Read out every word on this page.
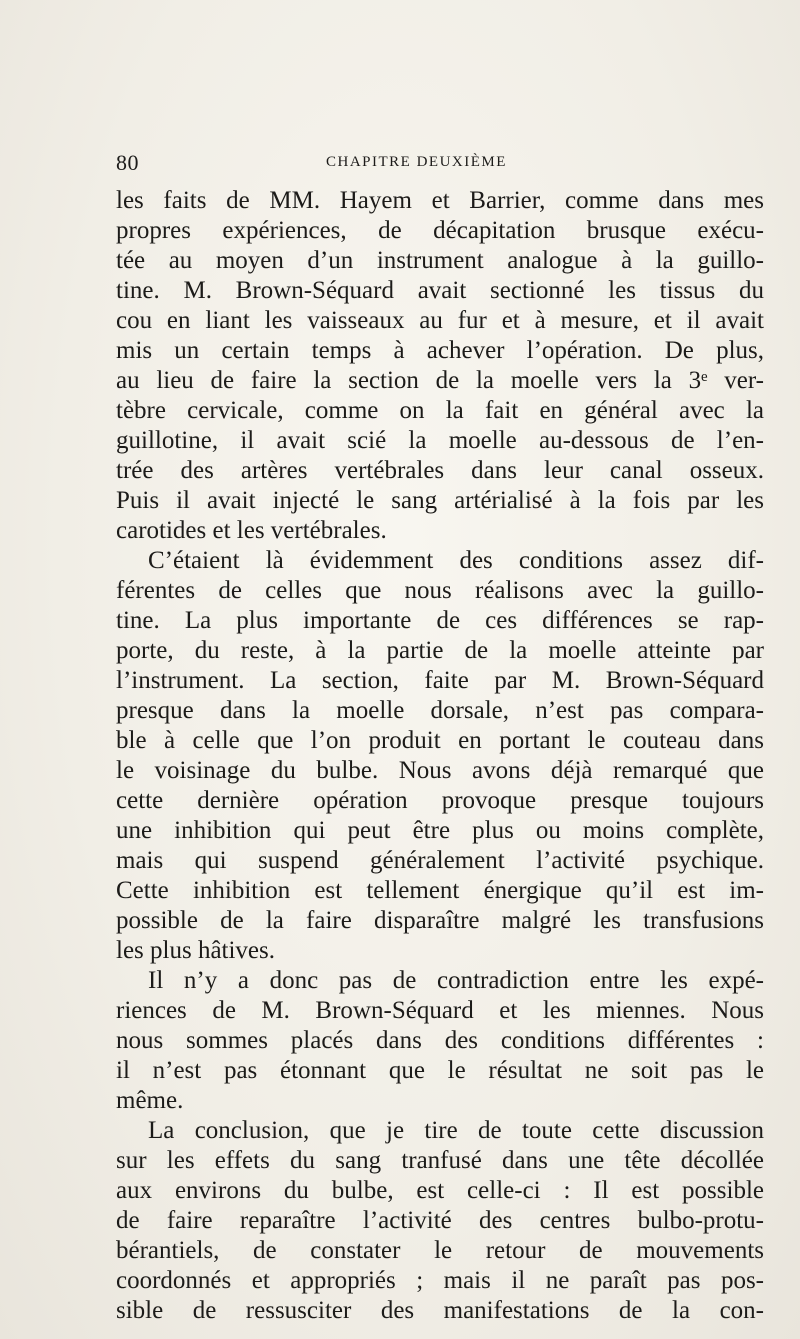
80	CHAPITRE DEUXIÈME
les faits de MM. Hayem et Barrier, comme dans mes
propres expériences, de décapitation brusque exécu-
tée au moyen d’un instrument analogue à la guillo-
tine. M. Brown-Séquard avait sectionné les tissus du
cou en liant les vaisseaux au fur et à mesure, et il avait
mis un certain temps à achever l’opération. De plus,
au lieu de faire la section de la moelle vers la 3ᵉ ver-
tèbre cervicale, comme on la fait en général avec la
guillotine, il avait scié la moelle au-dessous de l’en-
trée des artères vertébrales dans leur canal osseux.
Puis il avait injecté le sang artérialisé à la fois par les
carotides et les vertébrales.
C’étaient là évidemment des conditions assez dif-
férentes de celles que nous réalisons avec la guillo-
tine. La plus importante de ces différences se rap-
porte, du reste, à la partie de la moelle atteinte par
l’instrument. La section, faite par M. Brown-Séquard
presque dans la moelle dorsale, n’est pas compara-
ble à celle que l’on produit en portant le couteau dans
le voisinage du bulbe. Nous avons déjà remarqué que
cette dernière opération provoque presque toujours
une inhibition qui peut être plus ou moins complète,
mais qui suspend généralement l’activité psychique.
Cette inhibition est tellement énergique qu’il est im-
possible de la faire disparaître malgré les transfusions
les plus hâtives.
Il n’y a donc pas de contradiction entre les expé-
riences de M. Brown-Séquard et les miennes. Nous
nous sommes placés dans des conditions différentes :
il n’est pas étonnant que le résultat ne soit pas le
même.
La conclusion, que je tire de toute cette discussion
sur les effets du sang tranfusé dans une tête décollée
aux environs du bulbe, est celle-ci : Il est possible
de faire reparaître l’activité des centres bulbo-protu-
bérantiels, de constater le retour de mouvements
coordonnés et appropriés ; mais il ne paraît pas pos-
sible de ressusciter des manifestations de la con-
